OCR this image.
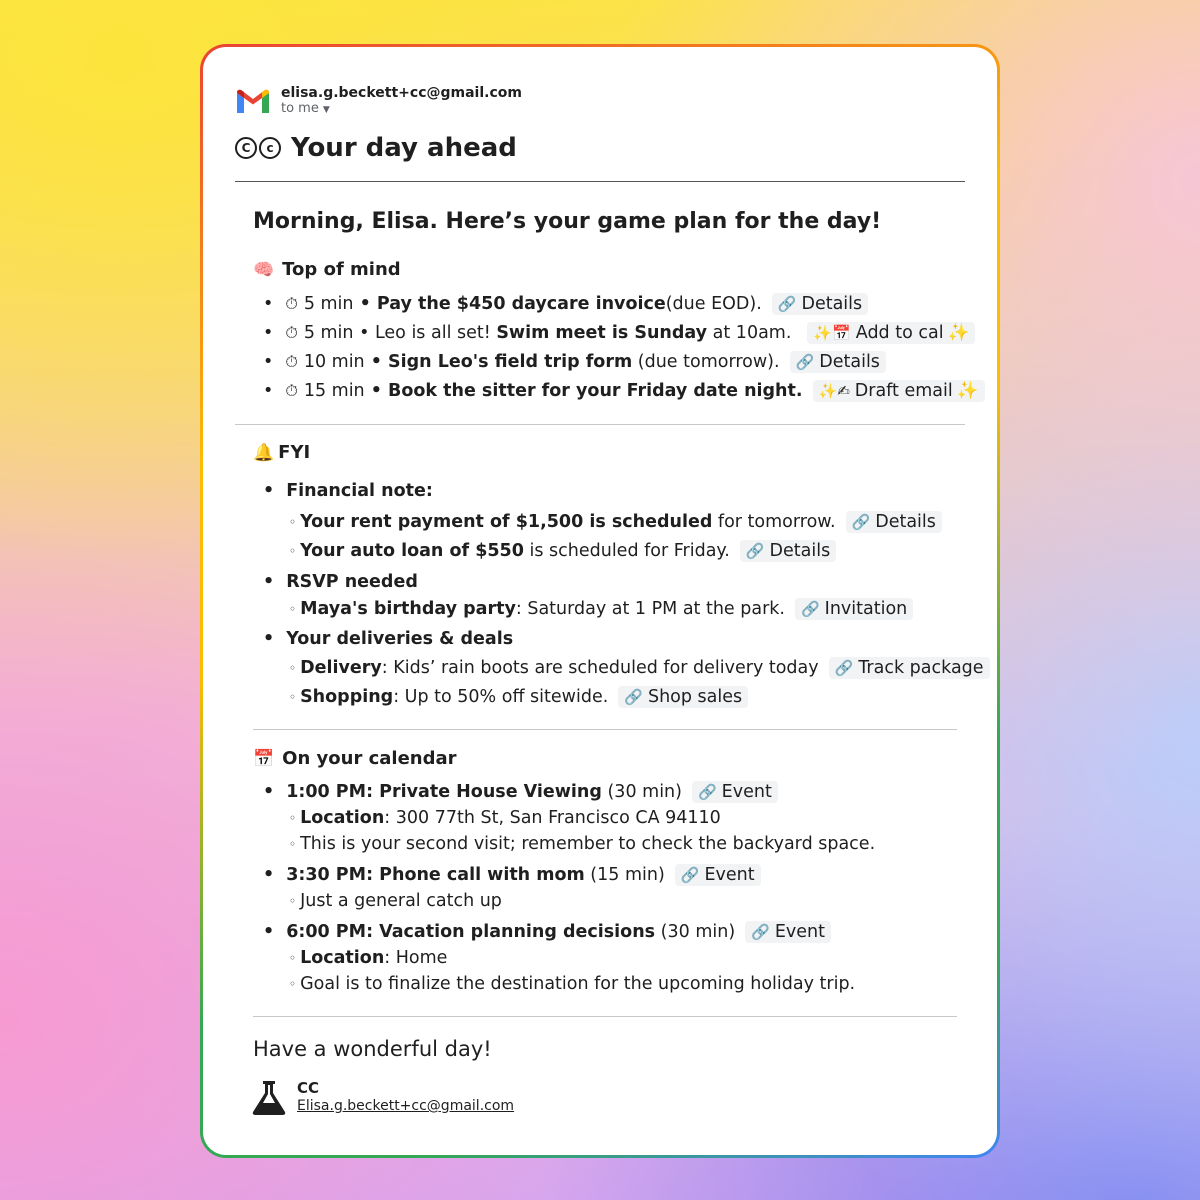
elisa.g.beckett+cc@gmail.com
to me ▼
C	c Your day ahead
Morning, Elisa. Here’s your game plan for the day!
🧠 Top of mind
• ⏱ 5 min • Pay the $450 daycare invoice (due EOD). 🔗 Details
• ⏱ 5 min • Leo is all set! Swim meet is Sunday at 10am. ✨📅 Add to cal ✨
• ⏱ 10 min • Sign Leo's field trip form (due tomorrow). 🔗 Details
• ⏱ 15 min • Book the sitter for your Friday date night. ✨✍ Draft email ✨
🔔 FYI
• Financial note:
◦ Your rent payment of $1,500 is scheduled for tomorrow. 🔗 Details
◦ Your auto loan of $550 is scheduled for Friday. 🔗 Details
• RSVP needed
◦ Maya's birthday party : Saturday at 1 PM at the park. 🔗 Invitation
• Your deliveries & deals
◦ Delivery : Kids’ rain boots are scheduled for delivery today 🔗 Track package
◦ Shopping : Up to 50% off sitewide. 🔗 Shop sales
📅 On your calendar
• 1:00 PM : Private House Viewing (30 min) 🔗 Event
◦ Location : 300 77th St, San Francisco CA 94110
◦ This is your second visit; remember to check the backyard space.
• 3:30 PM : Phone call with mom (15 min) 🔗 Event
◦ Just a general catch up
• 6:00 PM : Vacation planning decisions (30 min) 🔗 Event
◦ Location : Home
◦ Goal is to finalize the destination for the upcoming holiday trip.
Have a wonderful day!
CC
Elisa.g.beckett+cc@gmail.com
